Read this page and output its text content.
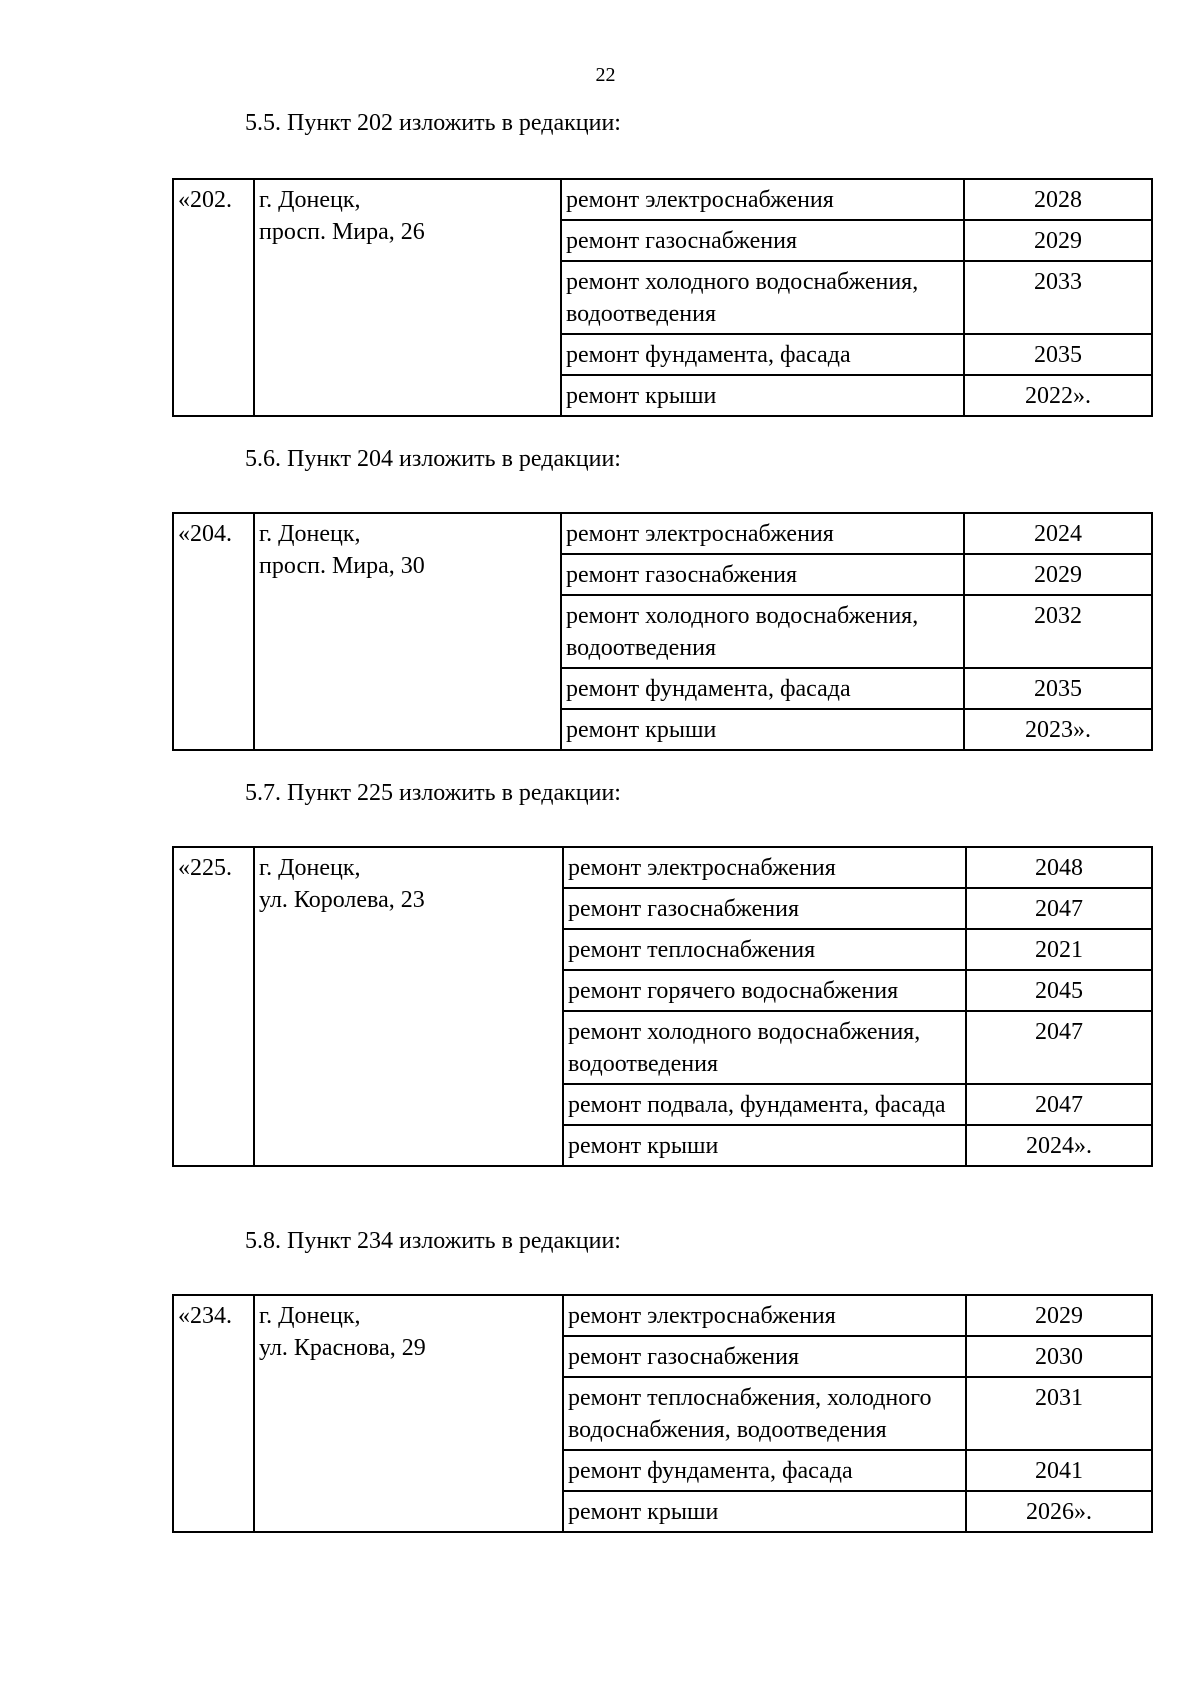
22
5.5. Пункт 202 изложить в редакции:
«202.	г. Донецк,
просп. Мира, 26	ремонт электроснабжения	2028
		ремонт газоснабжения	2029
		ремонт холодного водоснабжения, водоотведения	2033
		ремонт фундамента, фасада	2035
		ремонт крыши	2022».
5.6. Пункт 204 изложить в редакции:
«204.	г. Донецк,
просп. Мира, 30	ремонт электроснабжения	2024
		ремонт газоснабжения	2029
		ремонт холодного водоснабжения, водоотведения	2032
		ремонт фундамента, фасада	2035
		ремонт крыши	2023».
5.7. Пункт 225 изложить в редакции:
«225.	г. Донецк,
ул. Королева, 23	ремонт электроснабжения	2048
		ремонт газоснабжения	2047
		ремонт теплоснабжения	2021
		ремонт горячего водоснабжения	2045
		ремонт холодного водоснабжения, водоотведения	2047
		ремонт подвала, фундамента, фасада	2047
		ремонт крыши	2024».
5.8. Пункт 234 изложить в редакции:
«234.	г. Донецк,
ул. Краснова, 29	ремонт электроснабжения	2029
		ремонт газоснабжения	2030
		ремонт теплоснабжения, холодного водоснабжения, водоотведения	2031
		ремонт фундамента, фасада	2041
		ремонт крыши	2026».
